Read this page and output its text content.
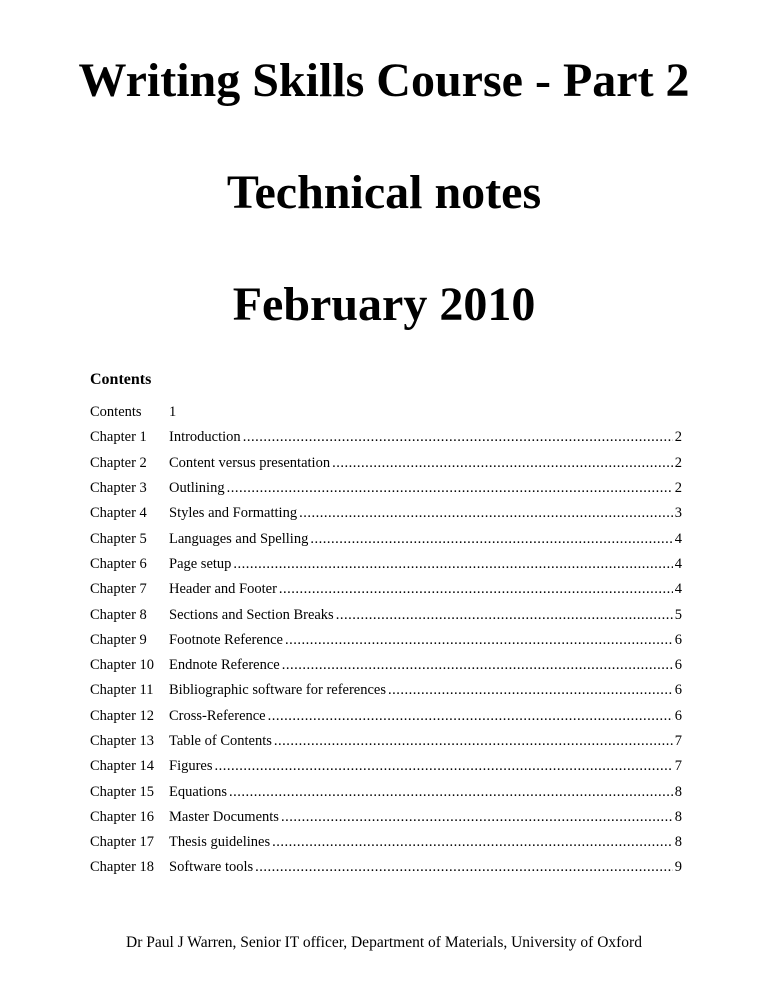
Writing Skills Course - Part 2
Technical notes
February 2010
Contents
Contents	1
Chapter 1	Introduction .....	2
Chapter 2	Content versus presentation .....	2
Chapter 3	Outlining .....	2
Chapter 4	Styles and Formatting .....	3
Chapter 5	Languages and Spelling .....	4
Chapter 6	Page setup .....	4
Chapter 7	Header and Footer .....	4
Chapter 8	Sections and Section Breaks .....	5
Chapter 9	Footnote Reference .....	6
Chapter 10	Endnote Reference .....	6
Chapter 11	Bibliographic software for references .....	6
Chapter 12	Cross-Reference .....	6
Chapter 13	Table of Contents .....	7
Chapter 14	Figures .....	7
Chapter 15	Equations .....	8
Chapter 16	Master Documents .....	8
Chapter 17	Thesis guidelines .....	8
Chapter 18	Software tools .....	9
Dr Paul J Warren, Senior IT officer, Department of Materials, University of Oxford
